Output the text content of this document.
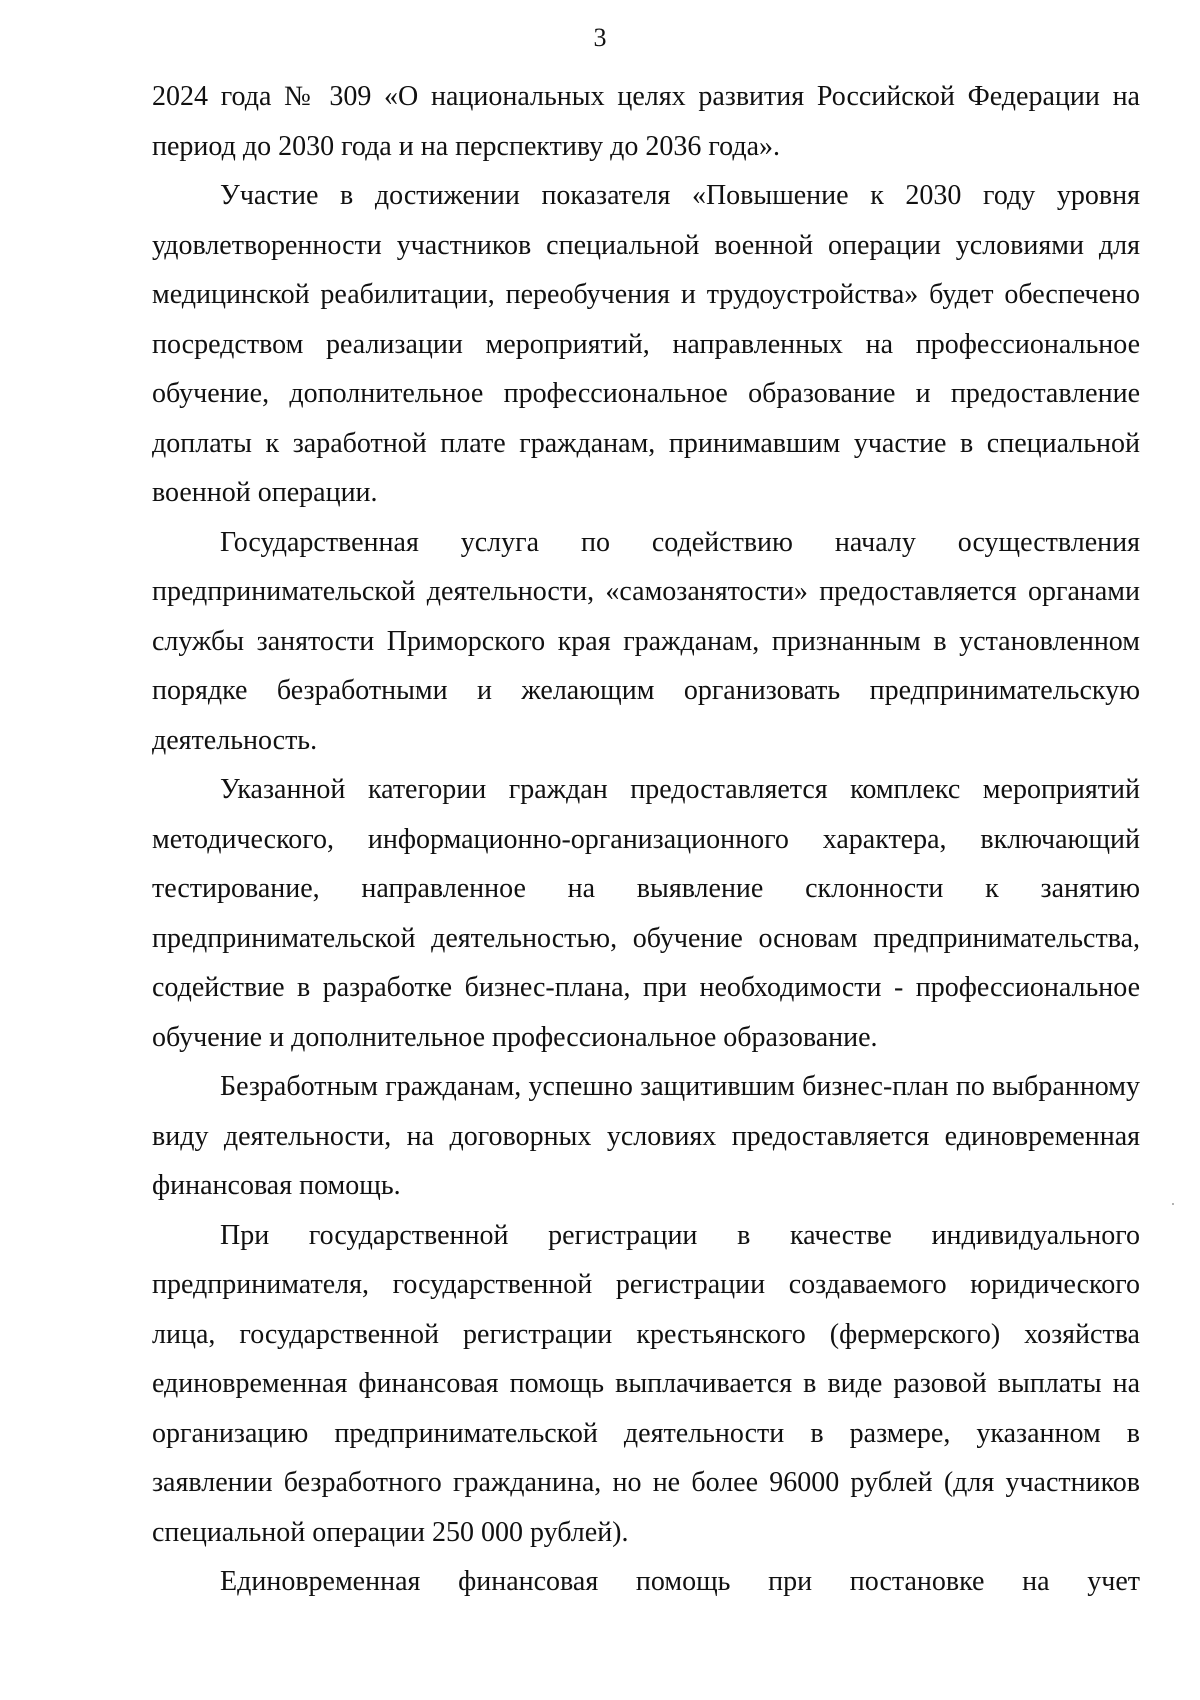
3

2024 года № 309 «О национальных целях развития Российской Федерации на период до 2030 года и на перспективу до 2036 года».

Участие в достижении показателя «Повышение к 2030 году уровня удовлетворенности участников специальной военной операции условиями для медицинской реабилитации, переобучения и трудоустройства» будет обеспечено посредством реализации мероприятий, направленных на профессиональное обучение, дополнительное профессиональное образование и предоставление доплаты к заработной плате гражданам, принимавшим участие в специальной военной операции.

Государственная услуга по содействию началу осуществления предпринимательской деятельности, «самозанятости» предоставляется органами службы занятости Приморского края гражданам, признанным в установленном порядке безработными и желающим организовать предпринимательскую деятельность.

Указанной категории граждан предоставляется комплекс мероприятий методического, информационно-организационного характера, включающий тестирование, направленное на выявление склонности к занятию предпринимательской деятельностью, обучение основам предпринимательства, содействие в разработке бизнес-плана, при необходимости - профессиональное обучение и дополнительное профессиональное образование.

Безработным гражданам, успешно защитившим бизнес-план по выбранному виду деятельности, на договорных условиях предоставляется единовременная финансовая помощь.

При государственной регистрации в качестве индивидуального предпринимателя, государственной регистрации создаваемого юридического лица, государственной регистрации крестьянского (фермерского) хозяйства единовременная финансовая помощь выплачивается в виде разовой выплаты на организацию предпринимательской деятельности в размере, указанном в заявлении безработного гражданина, но не более 96000 рублей (для участников специальной операции 250 000 рублей).

Единовременная финансовая помощь при постановке на учет
